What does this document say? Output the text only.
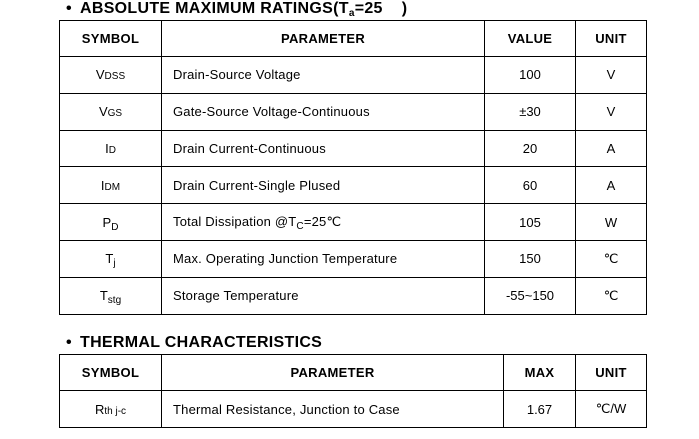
• ABSOLUTE MAXIMUM $RATINGS(T_a=25$    )
SYMBOL	PARAMETER	VALUE	UNIT
VDSS	Drain-Source Voltage	100	V
VGS	Gate-Source Voltage-Continuous	±30	V
ID	Drain Current-Continuous	20	A
IDM	Drain Current-Single Plused	60	A
$P_D$	Total Dissipation $@T_C=25℃$	105	W
$T_j$	Max. Operating Junction Temperature	150	℃
$T_{stg}$	Storage Temperature	-55~150	℃
• THERMAL CHARACTERISTICS
SYMBOL	PARAMETER	MAX	UNIT
Rth j-c	Thermal Resistance, Junction to Case	1.67	℃/W
